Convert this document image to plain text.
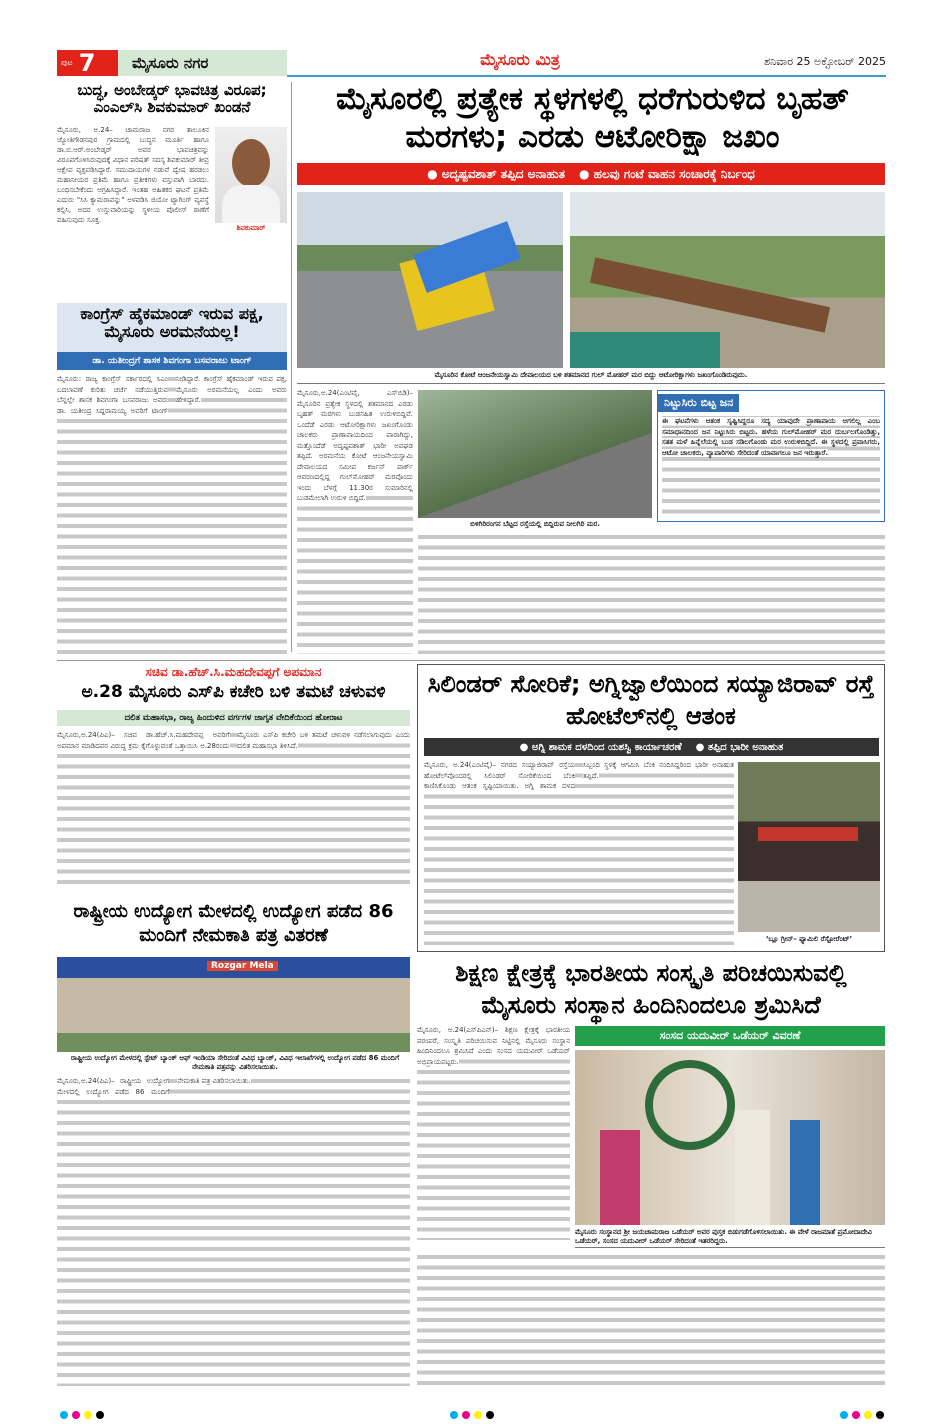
ಪುಟ 7	ಮೈಸೂರು ನಗರ	ಮೈಸೂರು ಮಿತ್ರ	ಶನಿವಾರ 25 ಅಕ್ಟೋಬರ್ 2025
ಬುದ್ಧ, ಅಂಬೇಡ್ಕರ್ ಭಾವಚಿತ್ರ ವಿರೂಪ; ಎಂಎಲ್‌ಸಿ ಶಿವಕುಮಾರ್ ಖಂಡನೆ
ಶಿವಕುಮಾರ್
ಮೈಸೂರು, ಅ.24– ಚಾಮರಾಜ ನಗರ ತಾಲೂಕಿನ ಜ್ಯೋತಿಗೌಡನಪುರ ಗ್ರಾಮದಲ್ಲಿ ಬುದ್ಧನ ಮೂರ್ತಿ ಹಾಗೂ ಡಾ.ಬಿ.ಆರ್.ಅಂಬೇಡ್ಕರ್ ಅವರ ಭಾವಚಿತ್ರವನ್ನು ವಿರೂಪಗೊಳಿಸಿರುವುದಕ್ಕೆ ವಿಧಾನ ಪರಿಷತ್ ಸದಸ್ಯ ಶಿವಕುಮಾರ್ ತೀವ್ರ ಆಕ್ಷೇಪ ವ್ಯಕ್ತಪಡಿಸಿದ್ದಾರೆ. ಸಮುದಾಯಗಳ ನಡುವೆ ದ್ವೇಷ ಹರಡಲು ಮಹಾನೀಯರ ಪ್ರತಿಮೆ ಹಾಗೂ ಪ್ರತೀಕಗಳು ವಸ್ತುವಾಗಿ ಬಾರದು. ಬಂಧಿಸಬೇಕೆಂದು ಆಗ್ರಹಿಸಿದ್ದಾರೆ. ಇಂತಹ ಅಹಿತಕರ ಘಟನೆ ಪ್ರತಿಮೆ ಎದುರು "ಸಿಸಿ ಕ್ಯಾಮರಾವನ್ನು" ಅಳವಡಿಸಿ ಜಿಯೋ ಟ್ಯಾಗಿಂಗ್ ವ್ಯವಸ್ಥೆ ಕಲ್ಪಿಸಿ, ಅದರ ಉಸ್ತುವಾರಿಯನ್ನು ಸ್ಥಳೀಯ ಪೊಲೀಸ್ ಠಾಣೆಗೆ ವಹಿಸುವುದು ಸೂಕ್ತ.
ಕಾಂಗ್ರೆಸ್ ಹೈಕಮಾಂಡ್ ಇರುವ ಪಕ್ಷ, ಮೈಸೂರು ಅರಮನೆಯಲ್ಲ!
ಡಾ. ಯತೀಂದ್ರಗೆ ಶಾಸಕ ಶಿವಗಂಗಾ ಬಸವರಾಜು ಟಾಂಗ್

ಮೈಸೂರು: ರಾಜ್ಯ ಕಾಂಗ್ರೆಸ್ ಸರ್ಕಾರದಲ್ಲಿ ಸಿಎಂ ಬದಲಾವಣೆ ಕುರಿತು ಚರ್ಚೆ ನಡೆಯುತ್ತಿರುವ ಬೆನ್ನಲ್ಲೇ ಶಾಸಕ ಶಿವಗಂಗಾ ಬಸವರಾಜು ಅವರು ಡಾ. ಯತೀಂದ್ರ ಸಿದ್ದರಾಮಯ್ಯ ಅವರಿಗೆ ಟಾಂಗ್ ನೀಡಿದ್ದಾರೆ. ಕಾಂಗ್ರೆಸ್ ಹೈಕಮಾಂಡ್ ಇರುವ ಪಕ್ಷ, ಮೈಸೂರು ಅರಮನೆಯಲ್ಲ ಎಂದು ಅವರು ಹೇಳಿದ್ದಾರೆ.

ಮೈಸೂರಲ್ಲಿ ಪ್ರತ್ಯೇಕ ಸ್ಥಳಗಳಲ್ಲಿ ಧರೆಗುರುಳಿದ ಬೃಹತ್ ಮರಗಳು; ಎರಡು ಆಟೋರಿಕ್ಷಾ ಜಖಂ
● ಅದೃಷ್ಟವಶಾತ್ ತಪ್ಪಿದ ಅನಾಹುತ ● ಹಲವು ಗಂಟೆ ವಾಹನ ಸಂಚಾರಕ್ಕೆ ನಿರ್ಬಂಧ
ಮೈಸೂರಿನ ಕೋಟೆ ಆಂಜನೇಯಸ್ವಾಮಿ ದೇವಾಲಯದ ಬಳಿ ಶತಮಾನದ ಗುಲ್ ಮೋಹರ್ ಮರ ಬಿದ್ದು ಆಟೋರಿಕ್ಷಾಗಳು ಜಖಂಗೊಂಡಿರುವುದು.

ಮೈಸೂರು,ಅ.24(ಎಂಟಿವೈ, ಎಸ್‌ಬಿಡಿ)– ಮೈಸೂರಿನ ಪ್ರತ್ಯೇಕ ಸ್ಥಳದಲ್ಲಿ ಶತಮಾನದ ಎರಡು ಬೃಹತ್ ಮರಗಳು ಬುಡಸಹಿತ ಉರುಳಿಬಿದ್ದಿವೆ. ಒಂದೆಡೆ ಎರಡು ಆಟೋರಿಕ್ಷಾಗಳು ಜಖಂಗೊಂಡು ಚಾಲಕರು ಪ್ರಾಣಾಪಾಯದಿಂದ ಪಾರಾಗಿದ್ದು, ಮತ್ತೊಂದೆಡೆ ಅದೃಷ್ಟವಶಾತ್ ಭಾರೀ ಅವಘಡ ತಪ್ಪಿದೆ. ಅರಮನೆಯ ಕೋಟೆ ಆಂಜನೇಯಸ್ವಾಮಿ ದೇವಾಲಯದ ಸಮೀಪ ಕರ್ಜನ್ ಪಾರ್ಕ್ ಆವರಣದಲ್ಲಿದ್ದ ಗುಲ್‌ಮೋಹರ್ ಮರವೊಂದು ಇಂದು ಬೆಳಗ್ಗೆ 11.30ರ ಸುಮಾರಿನಲ್ಲಿ ಬುಡಮೇಲಾಗಿ ಉರುಳಿ ಬಿದ್ದಿದೆ.

ಬಿಳಿಗಿರಿರಂಗನ ಬೆಟ್ಟದ ರಸ್ತೆಯಲ್ಲಿ ಬಿದ್ದಿರುವ ನೀಲಗಿರಿ ಮರ.
ನಿಟ್ಟುಸಿರು ಬಿಟ್ಟ ಜನ

ಈ ಘಟನೆಗಳು ಆತಂಕ ಸೃಷ್ಟಿಸಿದ್ದರೂ ಸದ್ಯ ಯಾವುದೇ ಪ್ರಾಣಾಪಾಯ ಆಗಲಿಲ್ಲ ಎಂಬ ಸಮಾಧಾನದಿಂದ ಜನ ನಿಟ್ಟುಸಿರು ಬಿಟ್ಟರು. ಹಳೆಯ ಗುಲ್‌ಮೋಹರ್ ಮರ ದುರ್ಬಲಗೊಂಡಿತ್ತು, ಸತತ ಮಳೆ ಹಿನ್ನೆಲೆಯಲ್ಲಿ ಬುಡ ಸಡಿಲಗೊಂಡು ಮರ ಉರುಳಿಬಿದ್ದಿದೆ. ಈ ಸ್ಥಳದಲ್ಲಿ ಪ್ರವಾಸಿಗರು, ಆಟೋ ಚಾಲಕರು, ವ್ಯಾಪಾರಿಗಳು ಸೇರಿದಂತೆ ಯಾವಾಗಲೂ ಜನ ಇರುತ್ತಾರೆ.

ಸಚಿವ ಡಾ.ಹೆಚ್.ಸಿ.ಮಹದೇವಪ್ಪಗೆ ಅಪಮಾನ
ಅ.28 ಮೈಸೂರು ಎಸ್‌ಪಿ ಕಚೇರಿ ಬಳಿ ತಮಟೆ ಚಳುವಳಿ
ದಲಿತ ಮಹಾಸಭಾ, ರಾಜ್ಯ ಹಿಂದುಳಿದ ವರ್ಗಗಳ ಜಾಗೃತ ವೇದಿಕೆಯಿಂದ ಹೋರಾಟ

ಮೈಸೂರು,ಅ.24(ಪಿಎ)– ಸಚಿವ ಡಾ.ಹೆಚ್.ಸಿ.ಮಹದೇವಪ್ಪ ಅವರಿಗೆ ಅಪಮಾನ ಮಾಡಿದವರ ವಿರುದ್ಧ ಕ್ರಮ ಕೈಗೊಳ್ಳುವಂತೆ ಒತ್ತಾಯಿಸಿ ಅ.28ರಂದು ಮೈಸೂರು ಎಸ್‌ಪಿ ಕಚೇರಿ ಬಳಿ ತಮಟೆ ಚಳುವಳಿ ನಡೆಸಲಾಗುವುದು ಎಂದು ದಲಿತ ಮಹಾಸಭಾ ತಿಳಿಸಿದೆ.

ಸಿಲಿಂಡರ್ ಸೋರಿಕೆ; ಅಗ್ನಿಜ್ವಾಲೆಯಿಂದ ಸಯ್ಯಾಜಿರಾವ್ ರಸ್ತೆ ಹೋಟೆಲ್‌ನಲ್ಲಿ ಆತಂಕ
● ಅಗ್ನಿ ಶಾಮಕ ದಳದಿಂದ ಯಶಸ್ವಿ ಕಾರ್ಯಾಚರಣೆ ● ತಪ್ಪಿದ ಭಾರೀ ಅನಾಹುತ

ಮೈಸೂರು, ಅ.24(ಎಂಟಿವೈ)– ನಗರದ ಸಯ್ಯಾಜಿರಾವ್ ರಸ್ತೆಯ ಹೋಟೆಲ್‌ವೊಂದರಲ್ಲಿ ಸಿಲಿಂಡರ್ ಸೋರಿಕೆಯಿಂದ ಬೆಂಕಿ ಕಾಣಿಸಿಕೊಂಡು ಆತಂಕ ಸೃಷ್ಟಿಯಾಯಿತು. ಅಗ್ನಿ ಶಾಮಕ ದಳದ ಸಿಬ್ಬಂದಿ ಸ್ಥಳಕ್ಕೆ ಆಗಮಿಸಿ ಬೆಂಕಿ ನಂದಿಸಿದ್ದರಿಂದ ಭಾರೀ ಅನಾಹುತ ತಪ್ಪಿದೆ.

‘ಬ್ಲೂ ಗ್ರೀನ್– ಫ್ಯಾಮಿಲಿ ರೆಸ್ಟೋರೆಂಟ್’
ರಾಷ್ಟ್ರೀಯ ಉದ್ಯೋಗ ಮೇಳದಲ್ಲಿ ಉದ್ಯೋಗ ಪಡೆದ 86 ಮಂದಿಗೆ ನೇಮಕಾತಿ ಪತ್ರ ವಿತರಣೆ
Rozgar Mela
ರಾಷ್ಟ್ರೀಯ ಉದ್ಯೋಗ ಮೇಳದಲ್ಲಿ ಸ್ಟೇಟ್ ಬ್ಯಾಂಕ್ ಆಫ್ ಇಂಡಿಯಾ ಸೇರಿದಂತೆ ವಿವಿಧ ಬ್ಯಾಂಕ್, ವಿವಿಧ ಇಲಾಖೆಗಳಲ್ಲಿ ಉದ್ಯೋಗ ಪಡೆದ 86 ಮಂದಿಗೆ ನೇಮಕಾತಿ ಪತ್ರವನ್ನು ವಿತರಿಸಲಾಯಿತು.

ಮೈಸೂರು,ಅ.24(ಪಿಎ)– ರಾಷ್ಟ್ರೀಯ ಉದ್ಯೋಗ ಮೇಳದಲ್ಲಿ ಉದ್ಯೋಗ ಪಡೆದ 86 ಮಂದಿಗೆ ನೇಮಕಾತಿ ಪತ್ರ ವಿತರಿಸಲಾಯಿತು.

ಶಿಕ್ಷಣ ಕ್ಷೇತ್ರಕ್ಕೆ ಭಾರತೀಯ ಸಂಸ್ಕೃತಿ ಪರಿಚಯಿಸುವಲ್ಲಿ ಮೈಸೂರು ಸಂಸ್ಥಾನ ಹಿಂದಿನಿಂದಲೂ ಶ್ರಮಿಸಿದೆ

ಮೈಸೂರು, ಅ.24(ಎಸ್‌ಪಿಎನ್)– ಶಿಕ್ಷಣ ಕ್ಷೇತ್ರಕ್ಕೆ ಭಾರತೀಯ ಪರಂಪರೆ, ಸಂಸ್ಕೃತಿ ಪರಿಚಯಿಸುವ ನಿಟ್ಟಿನಲ್ಲಿ ಮೈಸೂರು ಸಂಸ್ಥಾನ ಹಿಂದಿನಿಂದಲೂ ಶ್ರಮಿಸಿದೆ ಎಂದು ಸಂಸದ ಯದುವೀರ್ ಒಡೆಯರ್ ಅಭಿಪ್ರಾಯಪಟ್ಟರು.

ಸಂಸದ ಯದುವೀರ್ ಒಡೆಯರ್ ವಿವರಣೆ
ಮೈಸೂರು ಸಂಸ್ಥಾನದ ಶ್ರೀ ಜಯಚಾಮರಾಜ ಒಡೆಯರ್ ಅವರ ಪುಸ್ತಕ ಬಿಡುಗಡೆಗೊಳಿಸಲಾಯಿತು. ಈ ವೇಳೆ ರಾಜಮಾತೆ ಪ್ರಮೋದಾದೇವಿ ಒಡೆಯರ್, ಸಂಸದ ಯದುವೀರ್ ಒಡೆಯರ್ ಸೇರಿದಂತೆ ಇತರರಿದ್ದರು.
